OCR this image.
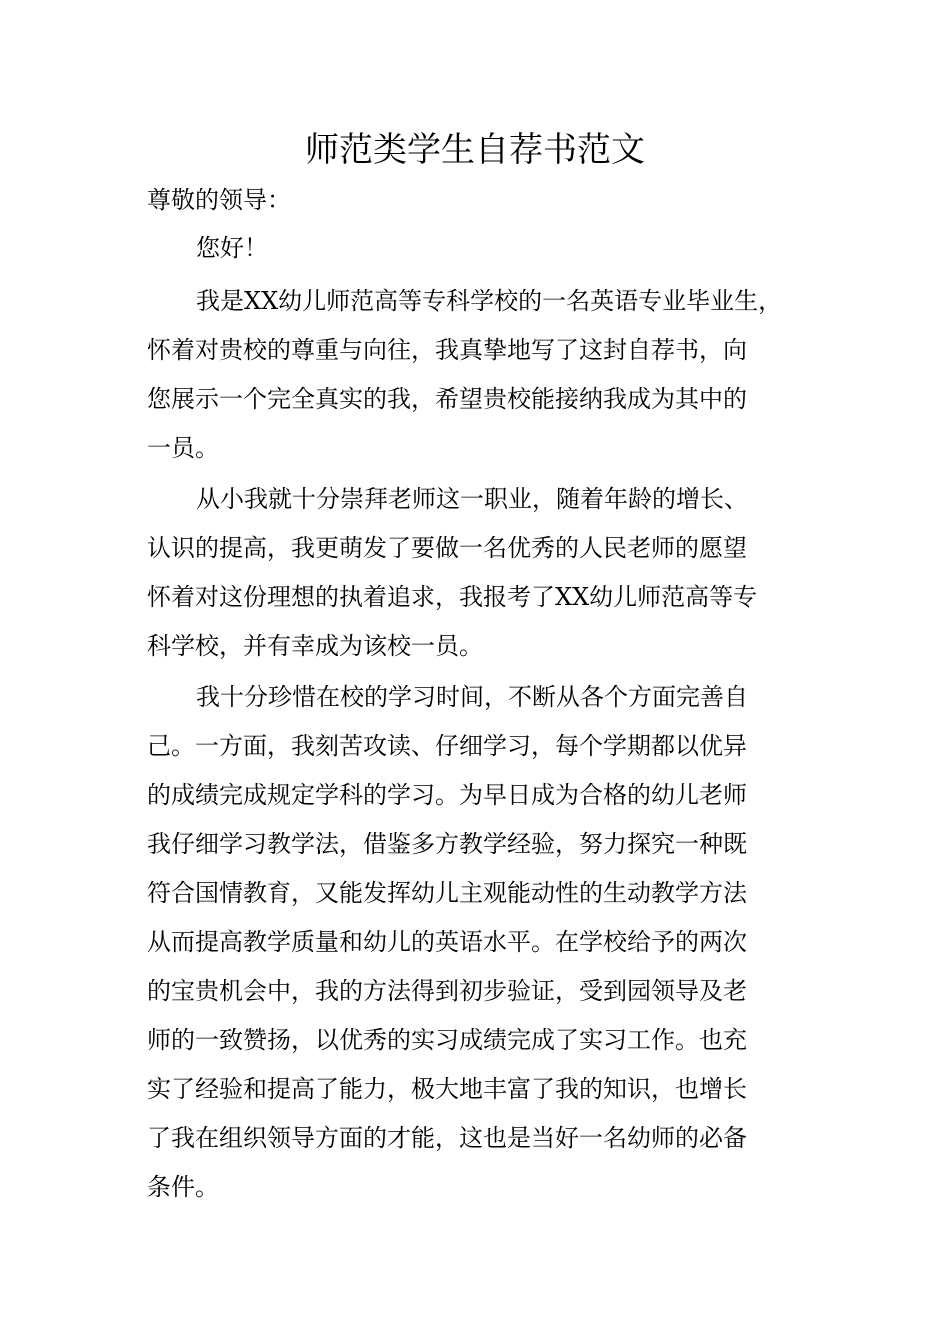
师范类学生自荐书范文
尊敬的领导：
您好！
我是XX幼儿师范高等专科学校的一名英语专业毕业生，
怀着对贵校的尊重与向往，我真挚地写了这封自荐书，向
您展示一个完全真实的我，希望贵校能接纳我成为其中的
一员。
从小我就十分崇拜老师这一职业，随着年龄的增长、
认识的提高，我更萌发了要做一名优秀的人民老师的愿望
怀着对这份理想的执着追求，我报考了XX幼儿师范高等专
科学校，并有幸成为该校一员。
我十分珍惜在校的学习时间，不断从各个方面完善自
己。一方面，我刻苦攻读、仔细学习，每个学期都以优异
的成绩完成规定学科的学习。为早日成为合格的幼儿老师
我仔细学习教学法，借鉴多方教学经验，努力探究一种既
符合国情教育，又能发挥幼儿主观能动性的生动教学方法
从而提高教学质量和幼儿的英语水平。在学校给予的两次
的宝贵机会中，我的方法得到初步验证，受到园领导及老
师的一致赞扬，以优秀的实习成绩完成了实习工作。也充
实了经验和提高了能力，极大地丰富了我的知识，也增长
了我在组织领导方面的才能，这也是当好一名幼师的必备
条件。
